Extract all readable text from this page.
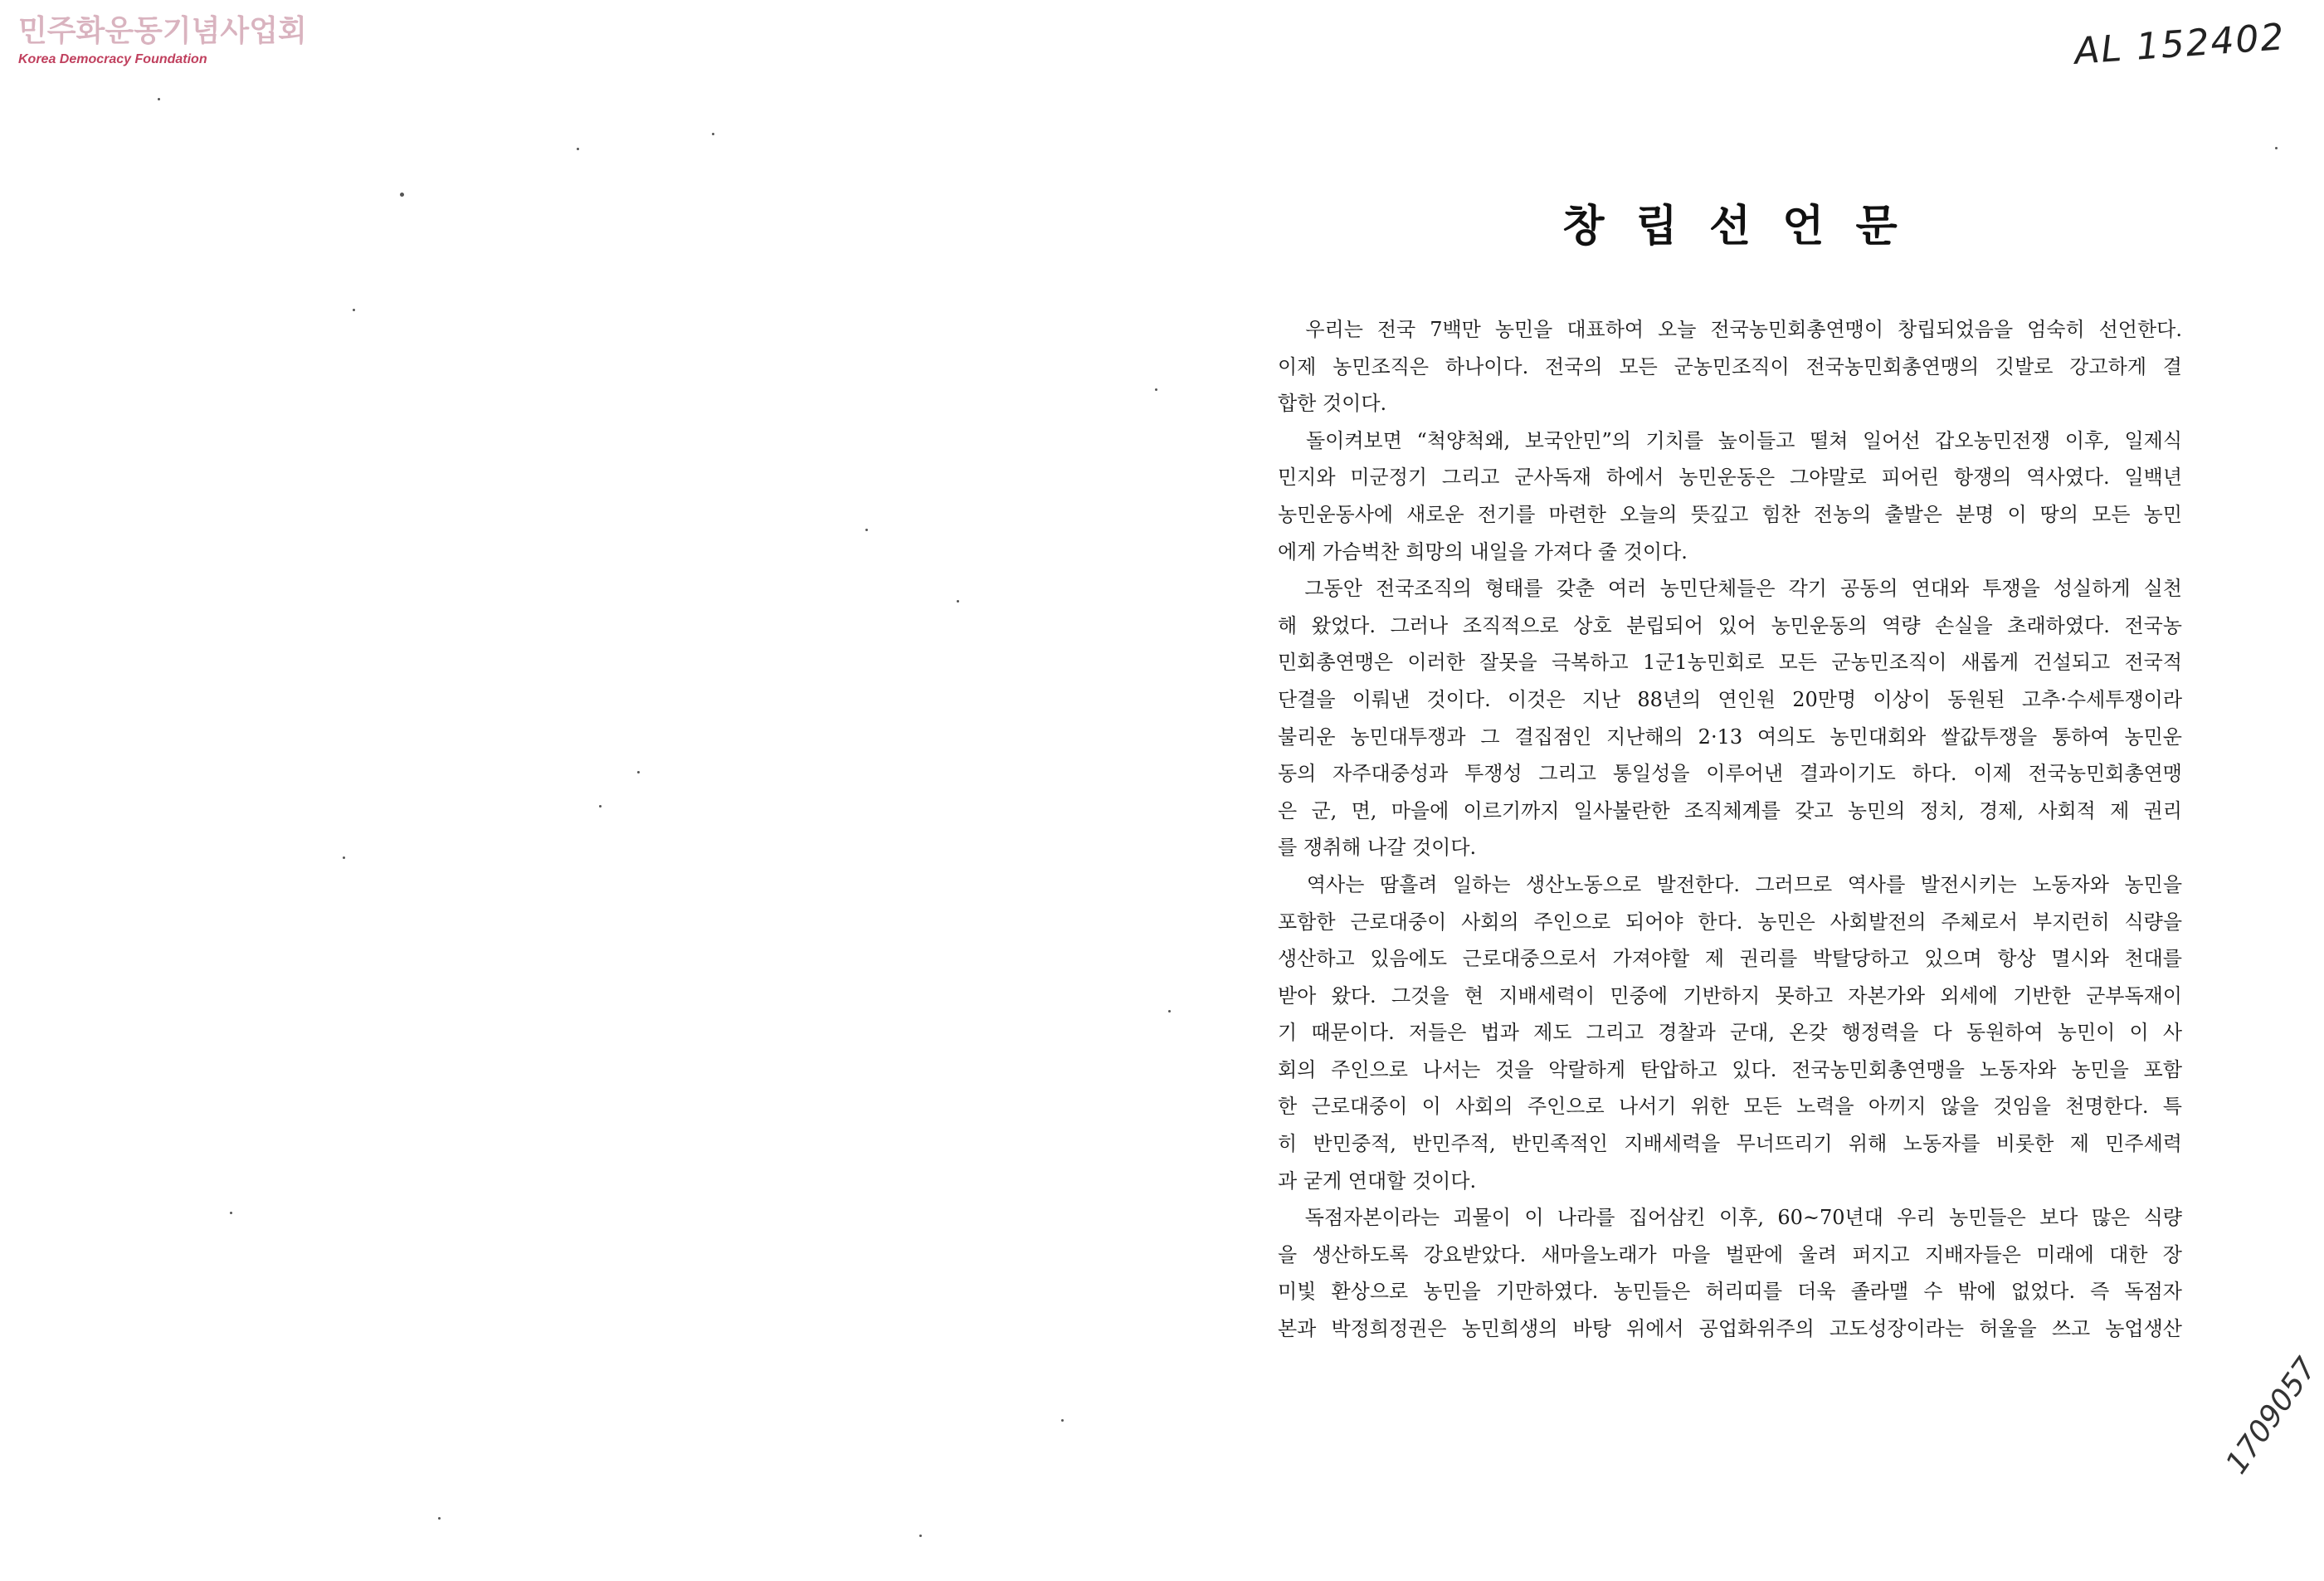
민주화운동기념사업회
Korea Democracy Foundation	AL 152402
1709057
창 립 선 언 문
　우리는 전국 7백만 농민을 대표하여 오늘 전국농민회총연맹이 창립되었음을 엄숙히 선언한다.
이제 농민조직은 하나이다. 전국의 모든 군농민조직이 전국농민회총연맹의 깃발로 강고하게 결
합한 것이다.
　돌이켜보면 “척양척왜, 보국안민”의 기치를 높이들고 떨쳐 일어선 갑오농민전쟁 이후, 일제식
민지와 미군정기 그리고 군사독재 하에서 농민운동은 그야말로 피어린 항쟁의 역사였다. 일백년
농민운동사에 새로운 전기를 마련한 오늘의 뜻깊고 힘찬 전농의 출발은 분명 이 땅의 모든 농민
에게 가슴벅찬 희망의 내일을 가져다 줄 것이다.
　그동안 전국조직의 형태를 갖춘 여러 농민단체들은 각기 공동의 연대와 투쟁을 성실하게 실천
해 왔었다. 그러나 조직적으로 상호 분립되어 있어 농민운동의 역량 손실을 초래하였다. 전국농
민회총연맹은 이러한 잘못을 극복하고 1군1농민회로 모든 군농민조직이 새롭게 건설되고 전국적
단결을 이뤄낸 것이다. 이것은 지난 88년의 연인원 20만명 이상이 동원된 고추·수세투쟁이라
불리운 농민대투쟁과 그 결집점인 지난해의 2·13 여의도 농민대회와 쌀값투쟁을 통하여 농민운
동의 자주대중성과 투쟁성 그리고 통일성을 이루어낸 결과이기도 하다. 이제 전국농민회총연맹
은 군, 면, 마을에 이르기까지 일사불란한 조직체계를 갖고 농민의 정치, 경제, 사회적 제 권리
를 쟁취해 나갈 것이다.
　역사는 땀흘려 일하는 생산노동으로 발전한다. 그러므로 역사를 발전시키는 노동자와 농민을
포함한 근로대중이 사회의 주인으로 되어야 한다. 농민은 사회발전의 주체로서 부지런히 식량을
생산하고 있음에도 근로대중으로서 가져야할 제 권리를 박탈당하고 있으며 항상 멸시와 천대를
받아 왔다. 그것을 현 지배세력이 민중에 기반하지 못하고 자본가와 외세에 기반한 군부독재이
기 때문이다. 저들은 법과 제도 그리고 경찰과 군대, 온갖 행정력을 다 동원하여 농민이 이 사
회의 주인으로 나서는 것을 악랄하게 탄압하고 있다. 전국농민회총연맹을 노동자와 농민을 포함
한 근로대중이 이 사회의 주인으로 나서기 위한 모든 노력을 아끼지 않을 것임을 천명한다. 특
히 반민중적, 반민주적, 반민족적인 지배세력을 무너뜨리기 위해 노동자를 비롯한 제 민주세력
과 굳게 연대할 것이다.
　독점자본이라는 괴물이 이 나라를 집어삼킨 이후, 60~70년대 우리 농민들은 보다 많은 식량
을 생산하도록 강요받았다. 새마을노래가 마을 벌판에 울려 퍼지고 지배자들은 미래에 대한 장
미빛 환상으로 농민을 기만하였다. 농민들은 허리띠를 더욱 졸라맬 수 밖에 없었다. 즉 독점자
본과 박정희정권은 농민희생의 바탕 위에서 공업화위주의 고도성장이라는 허울을 쓰고 농업생산
